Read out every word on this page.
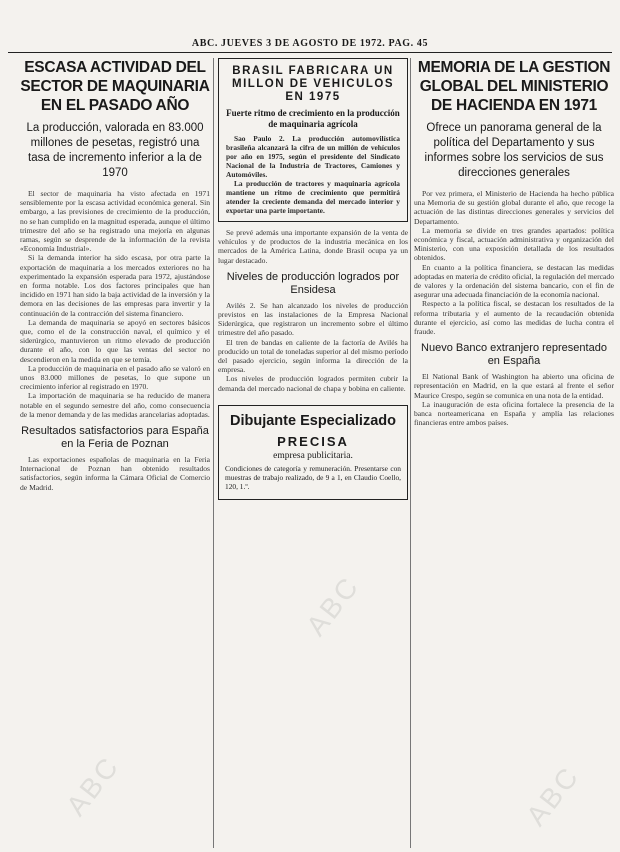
ABC. JUEVES 3 DE AGOSTO DE 1972. PAG. 45
ESCASA ACTIVIDAD DEL SECTOR DE MAQUINARIA EN EL PASADO AÑO
La producción, valorada en 83.000 millones de pesetas, registró una tasa de incremento inferior a la de 1970

El sector de maquinaria ha visto afectada en 1971 sensiblemente por la escasa actividad económica general. Sin embargo, a las previsiones de crecimiento de la producción, no se han cumplido en la magnitud esperada, aunque el último trimestre del año se ha registrado una mejoría en algunas ramas, según se desprende de la información de la revista «Economía Industrial».

Si la demanda interior ha sido escasa, por otra parte la exportación de maquinaria a los mercados exteriores no ha experimentado la expansión esperada para 1972, ajustándose en forma notable. Los dos factores principales que han incidido en 1971 han sido la baja actividad de la inversión y la demora en las decisiones de las empresas para invertir y la continuación de la contracción del sistema financiero.

La demanda de maquinaria se apoyó en sectores básicos que, como el de la construcción naval, el químico y el siderúrgico, mantuvieron un ritmo elevado de producción durante el año, con lo que las ventas del sector no descendieron en la medida en que se temía.

La producción de maquinaria en el pasado año se valoró en unos 83.000 millones de pesetas, lo que supone un crecimiento inferior al registrado en 1970.

La importación de maquinaria se ha reducido de manera notable en el segundo semestre del año, como consecuencia de la menor demanda y de las medidas arancelarias adoptadas.

Resultados satisfactorios para España en la Feria de Poznan

Las exportaciones españolas de maquinaria en la Feria Internacional de Poznan han obtenido resultados satisfactorios, según informa la Cámara Oficial de Comercio de Madrid.

BRASIL FABRICARA UN MILLON DE VEHICULOS EN 1975
Fuerte ritmo de crecimiento en la producción de maquinaria agrícola

Sao Paulo 2. La producción automovilística brasileña alcanzará la cifra de un millón de vehículos por año en 1975, según el presidente del Sindicato Nacional de la Industria de Tractores, Camiones y Automóviles.

La producción de tractores y maquinaria agrícola mantiene un ritmo de crecimiento que permitirá atender la creciente demanda del mercado interior y exportar una parte importante.

Se prevé además una importante expansión de la venta de vehículos y de productos de la industria mecánica en los mercados de la América Latina, donde Brasil ocupa ya un lugar destacado.

Niveles de producción logrados por Ensidesa

Avilés 2. Se han alcanzado los niveles de producción previstos en las instalaciones de la Empresa Nacional Siderúrgica, que registraron un incremento sobre el último trimestre del año pasado.

El tren de bandas en caliente de la factoría de Avilés ha producido un total de toneladas superior al del mismo período del pasado ejercicio, según informa la dirección de la empresa.

Los niveles de producción logrados permiten cubrir la demanda del mercado nacional de chapa y bobina en caliente.

Dibujante Especializado
PRECISA
empresa publicitaria.
Condiciones de categoría y remuneración. Presentarse con muestras de trabajo realizado, de 9 a 1, en Claudio Coello, 120, 1.º.
MEMORIA DE LA GESTION GLOBAL DEL MINISTERIO DE HACIENDA EN 1971
Ofrece un panorama general de la política del Departamento y sus informes sobre los servicios de sus direcciones generales

Por vez primera, el Ministerio de Hacienda ha hecho pública una Memoria de su gestión global durante el año, que recoge la actuación de las distintas direcciones generales y servicios del Departamento.

La memoria se divide en tres grandes apartados: política económica y fiscal, actuación administrativa y organización del Ministerio, con una exposición detallada de los resultados obtenidos.

En cuanto a la política financiera, se destacan las medidas adoptadas en materia de crédito oficial, la regulación del mercado de valores y la ordenación del sistema bancario, con el fin de asegurar una adecuada financiación de la economía nacional.

Respecto a la política fiscal, se destacan los resultados de la reforma tributaria y el aumento de la recaudación obtenida durante el ejercicio, así como las medidas de lucha contra el fraude.

Nuevo Banco extranjero representado en España

El National Bank of Washington ha abierto una oficina de representación en Madrid, en la que estará al frente el señor Maurice Crespo, según se comunica en una nota de la entidad.

La inauguración de esta oficina fortalece la presencia de la banca norteamericana en España y amplía las relaciones financieras entre ambos países.

ABC
ABC
ABC
